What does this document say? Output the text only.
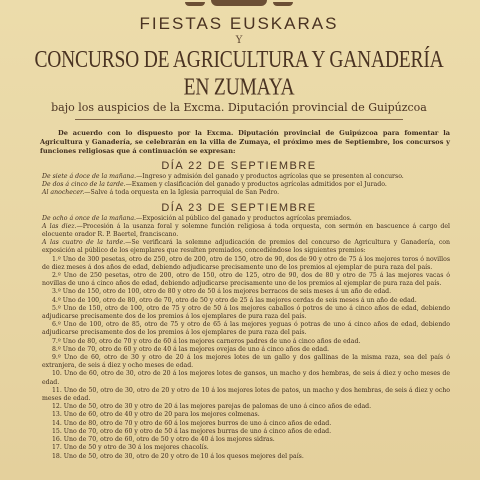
FIESTAS EUSKARAS
Y
CONCURSO DE AGRICULTURA Y GANADERÍA EN ZUMAYA
bajo los auspicios de la Excma. Diputación provincial de Guipúzcoa
De acuerdo con lo dispuesto por la Excma. Diputación provincial de Guipúzcoa para fomentar la Agricultura y Ganadería, se celebrarán en la villa de Zumaya, el próximo mes de Septiembre, los concursos y funciones religiosas que á continuación se expresan:
DÍA 22 DE SEPTIEMBRE
De siete á doce de la mañana.—Ingreso y admisión del ganado y productos agrícolas que se presenten al concurso.
De dos á cinco de la tarde.—Examen y clasificación del ganado y productos agrícolas admitidos por el Jurado.
Al anochecer.—Salve á toda orquesta en la Iglesia parroquial de San Pedro.
DÍA 23 DE SEPTIEMBRE
De ocho á once de la mañana.—Exposición al público del ganado y productos agrícolas premiados.
A las diez.—Procesión á la usanza foral y solemne función religiosa á toda orquesta, con sermón en bascuence á cargo del elocuente orador R. P. Baertel, franciscano.
A las cuatro de la tarde.—Se verificará la solemne adjudicación de premios del concurso de Agricultura y Ganadería, con exposición al público de los ejemplares que resulten premiados, concediéndose los siguientes premios:
1.º Uno de 300 pesetas, otro de 250, otro de 200, otro de 150, otro de 90, dos de 90 y otro de 75 á los mejores toros ó novillos de diez meses á dos años de edad, debiendo adjudicarse precisamente uno de los premios al ejemplar de pura raza del país.
2.º Uno de 250 pesetas, otro de 200, otro de 150, otro de 125, otro de 90, dos de 80 y otro de 75 á las mejores vacas ó novillas de uno á cinco años de edad, debiendo adjudicarse precisamente uno de los premios al ejemplar de pura raza del país.
3.º Uno de 150, otro de 100, otro de 80 y otro de 50 á los mejores berracos de seis meses á un año de edad.
4.º Uno de 100, otro de 80, otro de 70, otro de 50 y otro de 25 á las mejores cerdas de seis meses á un año de edad.
5.º Uno de 150, otro de 100, otro de 75 y otro de 50 á los mejores caballos ó potros de uno á cinco años de edad, debiendo adjudicarse precisamente dos de los premios á los ejemplares de pura raza del país.
6.º Uno de 100, otro de 85, otro de 75 y otro de 65 á las mejores yeguas ó potras de uno á cinco años de edad, debiendo adjudicarse precisamente dos de los premios á los ejemplares de pura raza del país.
7.º Uno de 80, otro de 70 y otro de 60 á los mejores carneros padres de uno á cinco años de edad.
8.º Uno de 70, otro de 60 y otro de 40 á las mejores ovejas de uno á cinco años de edad.
9.º Uno de 60, otro de 30 y otro de 20 á los mejores lotes de un gallo y dos gallinas de la misma raza, sea del país ó extranjera, de seis á diez y ocho meses de edad.
10. Uno de 60, otro de 30, otro de 20 á los mejores lotes de gansos, un macho y dos hembras, de seis á diez y ocho meses de edad.
11. Uno de 50, otro de 30, otro de 20 y otro de 10 á los mejores lotes de patos, un macho y dos hembras, de seis á diez y ocho meses de edad.
12. Uno de 50, otro de 30 y otro de 20 á las mejores parejas de palomas de uno á cinco años de edad.
13. Uno de 60, otro de 40 y otro de 20 para los mejores colmenas.
14. Uno de 80, otro de 70 y otro de 60 á los mejores burros de uno á cinco años de edad.
15. Uno de 70, otro de 60 y otro de 50 á las mejores burras de uno á cinco años de edad.
16. Uno de 70, otro de 60, otro de 50 y otro de 40 á los mejores sidras.
17. Uno de 50 y otro de 30 á los mejores chacolís.
18. Uno de 50, otro de 30, otro de 20 y otro de 10 á los quesos mejores del país.
